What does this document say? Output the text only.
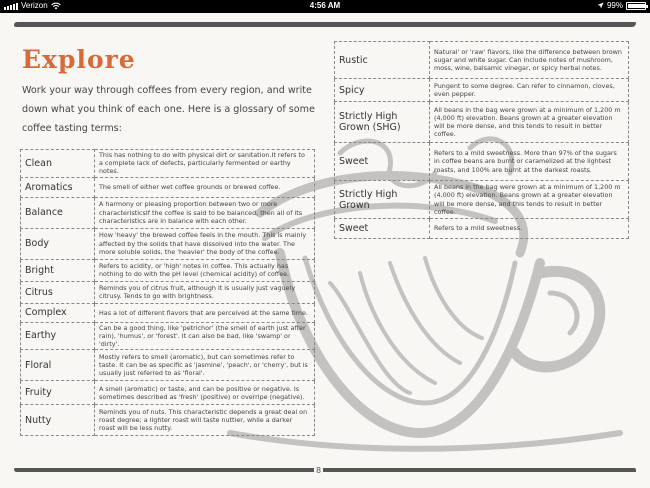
Verizon	4:56 AM	99%
Explore
Work your way through coffees from every region, and write down what you think of each one. Here is a glossary of some coffee tasting terms:
Clean	This has nothing to do with physical dirt or sanitation.It refers to a complete lack of defects, particularly fermented or earthy notes.
Aromatics	The smell of either wet coffee grounds or brewed coffee.
Balance	A harmony or pleasing proportion between two or more characteristicsIf the coffee is said to be balanced, then all of its characteristics are in balance with each other.
Body	How 'heavy' the brewed coffee feels in the mouth. This is mainly affected by the solids that have dissolved into the water. The more soluble solids, the 'heavier' the body of the coffee.
Bright	Refers to acidity, or 'high' notes in coffee. This actually has nothing to do with the pH level (chemical acidity) of coffee.
Citrus	Reminds you of citrus fruit, although it is usually just vaguely citrusy. Tends to go with brightness.
Complex	Has a lot of different flavors that are perceived at the same time.
Earthy	Can be a good thing, like 'petrichor' (the smell of earth just after rain), 'humus', or 'forest'. It can also be bad, like 'swamp' or 'dirty'.
Floral	Mostly refers to smell (aromatic), but can sometimes refer to taste. It can be as specific as 'jasmine', 'peach', or 'cherry', but is usually just referred to as 'floral'.
Fruity	A smell (aromatic) or taste, and can be positive or negative. Is sometimes described as 'fresh' (positive) or overripe (negative).
Nutty	Reminds you of nuts. This characteristic depends a great deal on roast degree; a lighter roast will taste nuttier, while a darker roast will be less nutty.
Rustic	Natural' or 'raw' flavors, like the difference between brown sugar and white sugar. Can include notes of mushroom, moss, wine, balsamic vinegar, or spicy herbal notes.
Spicy	Pungent to some degree. Can refer to cinnamon, cloves, even pepper.
Strictly High Grown (SHG)	All beans in the bag were grown at a minimum of 1,200 m (4,000 ft) elevation. Beans grown at a greater elevation will be more dense, and this tends to result in better coffee.
Sweet	Refers to a mild sweetness. More than 97% of the sugars in coffee beans are burnt or caramelized at the lightest roasts, and 100% are burnt at the darkest roasts.
Strictly High Grown	All beans in the bag were grown at a minimum of 1,200 m (4,000 ft) elevation. Beans grown at a greater elevation will be more dense, and this tends to result in better coffee.
Sweet	Refers to a mild sweetness.
8
